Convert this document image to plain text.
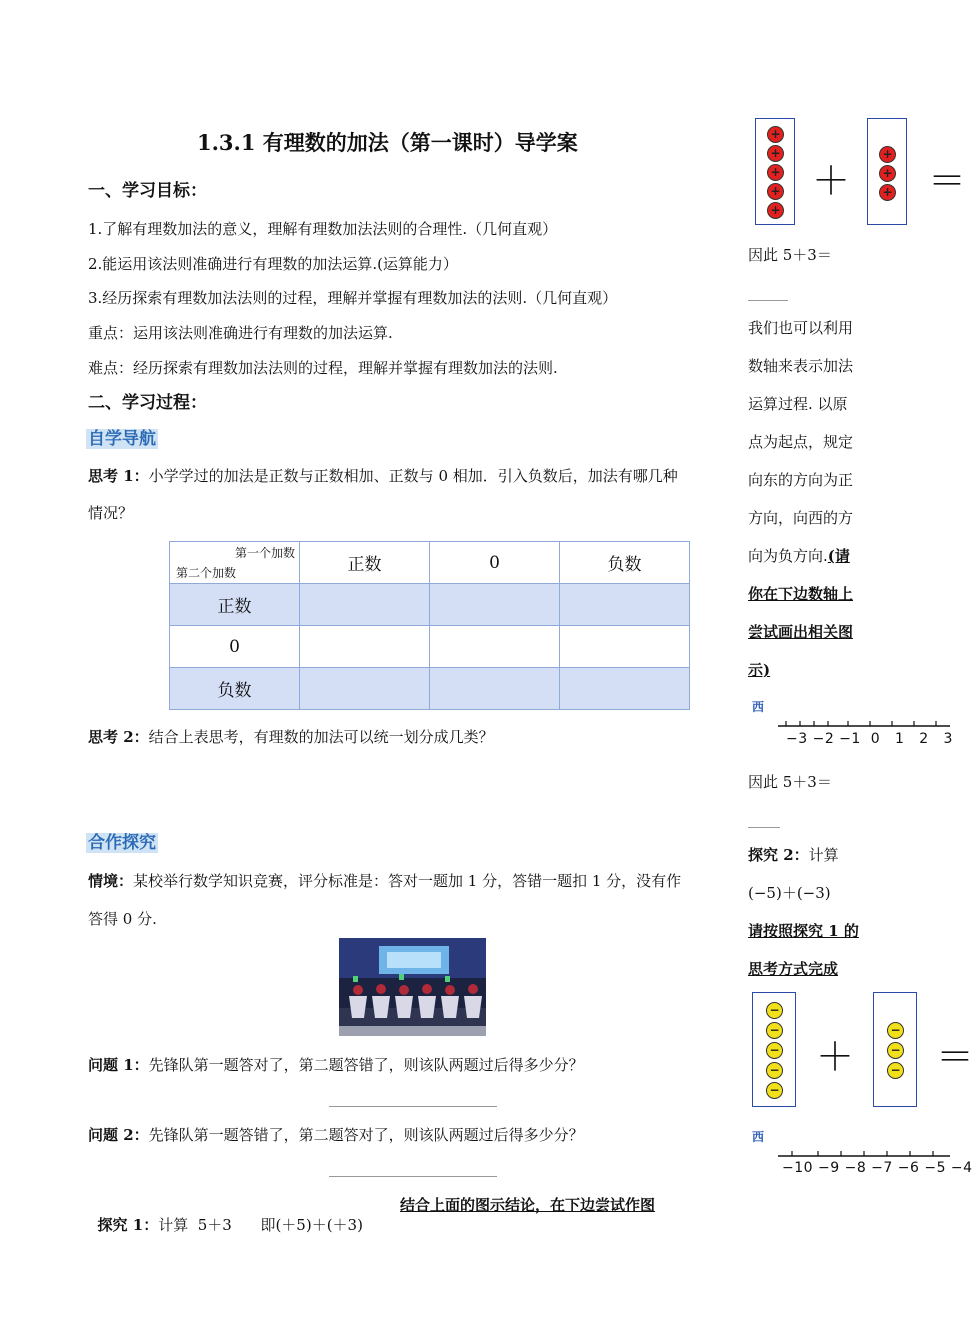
1.3.1 有理数的加法（第一课时）导学案
一、学习目标：
1.了解有理数加法的意义，理解有理数加法法则的合理性.（几何直观）
2.能运用该法则准确进行有理数的加法运算.(运算能力）
3.经历探索有理数加法法则的过程，理解并掌握有理数加法的法则.（几何直观）
重点：运用该法则准确进行有理数的加法运算.
难点：经历探索有理数加法法则的过程，理解并掌握有理数加法的法则.
二、学习过程：
自学导航
思考 1：小学学过的加法是正数与正数相加、正数与 0 相加．引入负数后，加法有哪几种
情况？
第一个加数
第二个加数	正数	0	负数
正数			
0			
负数			
思考 2：结合上表思考，有理数的加法可以统一划分成几类？
合作探究
情境：某校举行数学知识竞赛，评分标准是：答对一题加 1 分，答错一题扣 1 分，没有作
答得 0 分.
问题 1：先锋队第一题答对了，第二题答错了，则该队两题过后得多少分？
问题 2：先锋队第一题答错了，第二题答对了，则该队两题过后得多少分？

探究 1：计算  5＋3      即(＋5)＋(＋3)

结合上面的图示结论，在下边尝试作图
+
+
+
+
+
＋
+
+
+ ＝
因此 5＋3＝
我们也可以利用
数轴来表示加法
运算过程. 以原
点为起点，规定
向东的方向为正
方向，向西的方
向为负方向.(请
你在下边数轴上
尝试画出相关图
示)
西
−3 −2 −1  0   1   2   3
因此 5＋3＝
探究 2：计算
(−5)＋(−3)
请按照探究 1 的
思考方式完成
−
−
−
−
−
＋
−
−
− ＝
西
−10 −9 −8 −7 −6 −5 −4
